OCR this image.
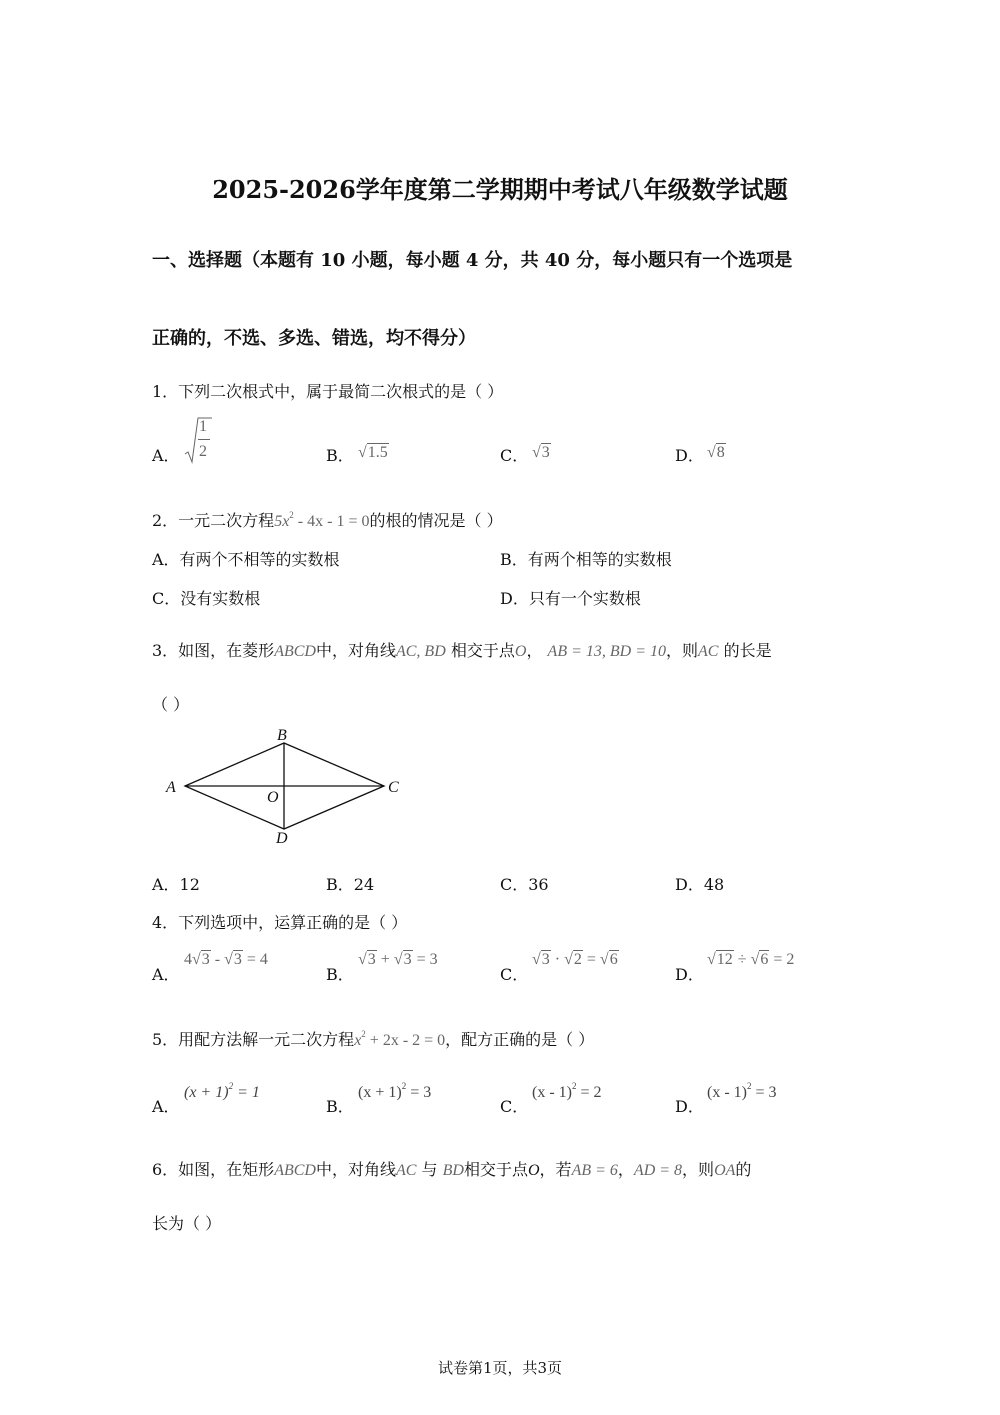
2025-2026学年度第二学期期中考试八年级数学试题
一、选择题（本题有 10 小题，每小题 4 分，共 40 分，每小题只有一个选项是
正确的，不选、多选、错选，均不得分）
1．下列二次根式中，属于最简二次根式的是（ ）
A．
1
2	B． √1.5	C． √3	D． √8
2．一元二次方程$5x^2 - 4x - 1 = 0$的根的情况是（ ）
A．有两个不相等的实数根	B．有两个相等的实数根
C．没有实数根	D．只有一个实数根
3．如图，在菱形ABCD中，对角线AC, BD 相交于点O， AB = 13, BD = 10，则AC 的长是
（ ）
A
B
C
D
O
A．12	B．24	C．36	D．48
4．下列选项中，运算正确的是（ ）
A．
4√3 - √3 = 4
B．
√3 + √3 = 3
C．
√3 · √2 = √6
D．
√12 ÷ √6 = 2
5．用配方法解一元二次方程$x^2 + 2x - 2 = 0$，配方正确的是（ ）
A．
$(x + 1)^2 = 1$
B．
$(x + 1)^2 = 3$
C．
(x - 1)$^2$ = 2
D．
(x - 1)$^2$ = 3
6．如图，在矩形ABCD中，对角线AC 与 BD相交于点O，若AB = 6，AD = 8，则OA的
长为（ ）
试卷第1页，共3页
